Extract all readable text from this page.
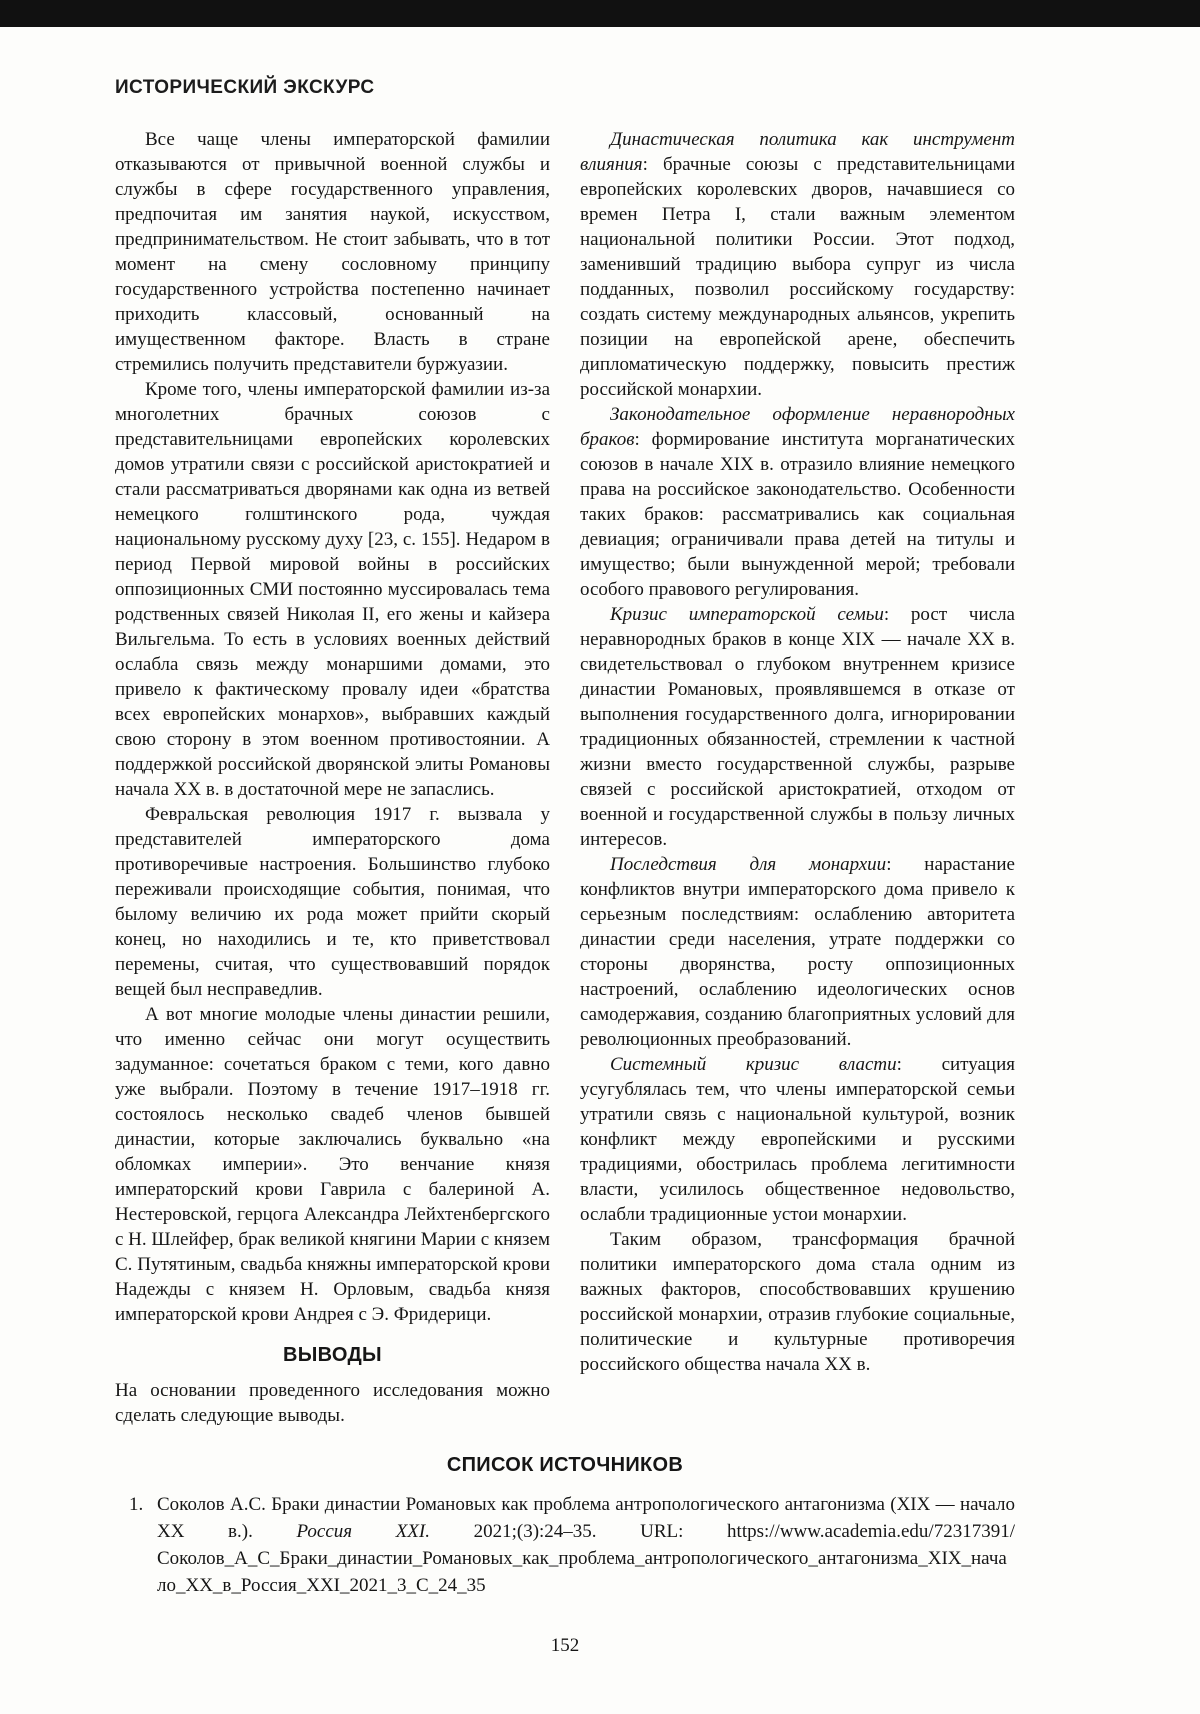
ИСТОРИЧЕСКИЙ ЭКСКУРС

Все чаще члены императорской фамилии отказываются от привычной военной службы и службы в сфере государственного управления, предпочитая им занятия наукой, искусством, предпринимательством. Не стоит забывать, что в тот момент на смену сословному принципу государственного устройства постепенно начинает приходить классовый, основанный на имущественном факторе. Власть в стране стремились получить представители буржуазии.

Кроме того, члены императорской фамилии из-за многолетних брачных союзов с представительницами европейских королевских домов утратили связи с российской аристократией и стали рассматриваться дворянами как одна из ветвей немецкого голштинского рода, чуждая национальному русскому духу [23, с. 155]. Недаром в период Первой мировой войны в российских оппозиционных СМИ постоянно муссировалась тема родственных связей Николая II, его жены и кайзера Вильгельма. То есть в условиях военных действий ослабла связь между монаршими домами, это привело к фактическому провалу идеи «братства всех европейских монархов», выбравших каждый свою сторону в этом военном противостоянии. А поддержкой российской дворянской элиты Романовы начала XX в. в достаточной мере не запаслись.

Февральская революция 1917 г. вызвала у представителей императорского дома противоречивые настроения. Большинство глубоко переживали происходящие события, понимая, что былому величию их рода может прийти скорый конец, но находились и те, кто приветствовал перемены, считая, что существовавший порядок вещей был несправедлив.

А вот многие молодые члены династии решили, что именно сейчас они могут осуществить задуманное: сочетаться браком с теми, кого давно уже выбрали. Поэтому в течение 1917–1918 гг. состоялось несколько свадеб членов бывшей династии, которые заключались буквально «на обломках империи». Это венчание князя императорский крови Гаврила с балериной А. Нестеровской, герцога Александра Лейхтенбергского с Н. Шлейфер, брак великой княгини Марии с князем С. Путятиным, свадьба княжны императорской крови Надежды с князем Н. Орловым, свадьба князя императорской крови Андрея с Э. Фридерици.

ВЫВОДЫ

На основании проведенного исследования можно сделать следующие выводы.

Династическая политика как инструмент влияния: брачные союзы с представительницами европейских королевских дворов, начавшиеся со времен Петра I, стали важным элементом национальной политики России. Этот подход, заменивший традицию выбора супруг из числа подданных, позволил российскому государству: создать систему международных альянсов, укрепить позиции на европейской арене, обеспечить дипломатическую поддержку, повысить престиж российской монархии.

Законодательное оформление неравнородных браков: формирование института морганатических союзов в начале XIX в. отразило влияние немецкого права на российское законодательство. Особенности таких браков: рассматривались как социальная девиация; ограничивали права детей на титулы и имущество; были вынужденной мерой; требовали особого правового регулирования.

Кризис императорской семьи: рост числа неравнородных браков в конце XIX — начале XX в. свидетельствовал о глубоком внутреннем кризисе династии Романовых, проявлявшемся в отказе от выполнения государственного долга, игнорировании традиционных обязанностей, стремлении к частной жизни вместо государственной службы, разрыве связей с российской аристократией, отходом от военной и государственной службы в пользу личных интересов.

Последствия для монархии: нарастание конфликтов внутри императорского дома привело к серьезным последствиям: ослаблению авторитета династии среди населения, утрате поддержки со стороны дворянства, росту оппозиционных настроений, ослаблению идеологических основ самодержавия, созданию благоприятных условий для революционных преобразований.

Системный кризис власти: ситуация усугублялась тем, что члены императорской семьи утратили связь с национальной культурой, возник конфликт между европейскими и русскими традициями, обострилась проблема легитимности власти, усилилось общественное недовольство, ослабли традиционные устои монархии.

Таким образом, трансформация брачной политики императорского дома стала одним из важных факторов, способствовавших крушению российской монархии, отразив глубокие социальные, политические и культурные противоречия российского общества начала XX в.

СПИСОК ИСТОЧНИКОВ
1. Соколов А.С. Браки династии Романовых как проблема антропологического антагонизма (XIX — начало XX в.). Россия XXI. 2021;(3):24–35. URL: https://www.academia.edu/72317391/Соколов_А_С_Браки_династии_Романовых_как_проблема_антропологического_антагонизма_XIX_начало_XX_в_Россия_XXI_2021_3_С_24_35
152
